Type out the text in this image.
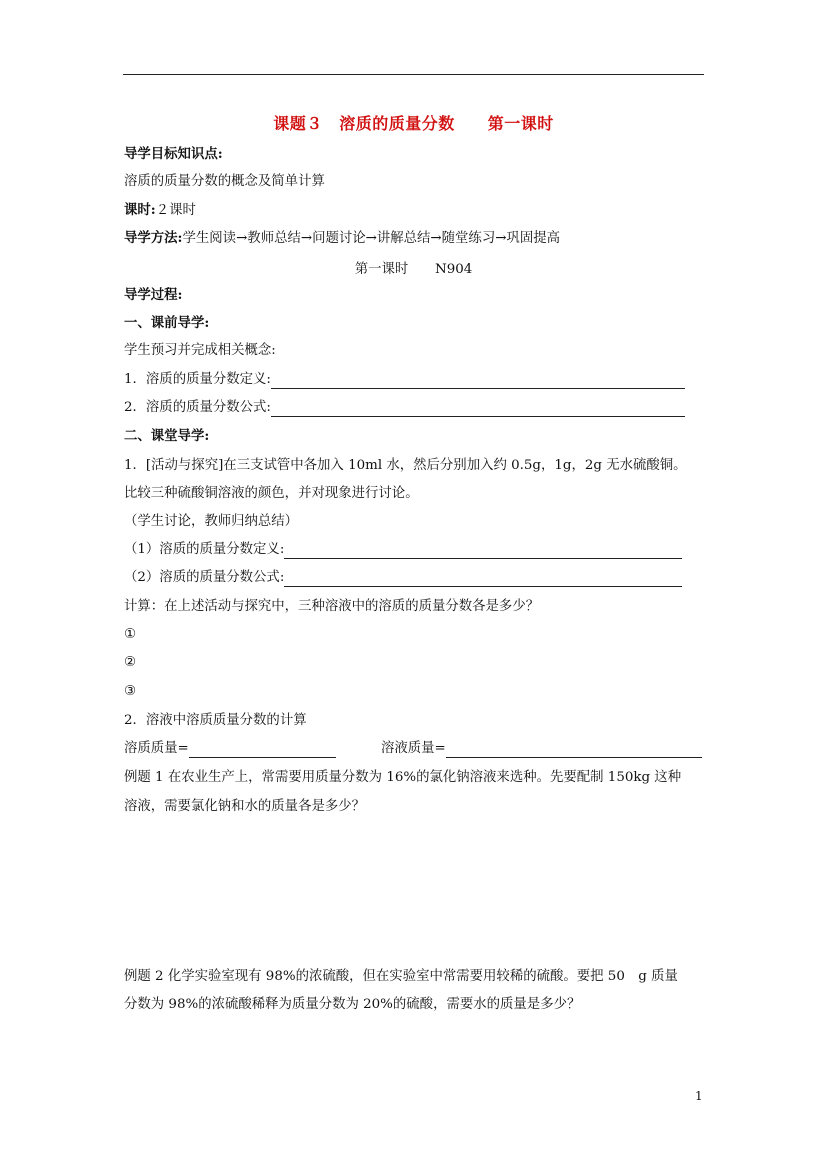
课题３　溶质的质量分数　　第一课时
导学目标知识点:
溶质的质量分数的概念及简单计算
课时:２课时
导学方法:学生阅读→教师总结→问题讨论→讲解总结→随堂练习→巩固提高
第一课时　　N904
导学过程:
一、课前导学:
学生预习并完成相关概念:
1．溶质的质量分数定义:
2．溶质的质量分数公式:
二、课堂导学:
1．[活动与探究]在三支试管中各加入 10ml 水，然后分别加入约 0.5g，1g，2g 无水硫酸铜。
比较三种硫酸铜溶液的颜色，并对现象进行讨论。
（学生讨论，教师归纳总结）
（1）溶质的质量分数定义:
（2）溶质的质量分数公式:
计算：在上述活动与探究中，三种溶液中的溶质的质量分数各是多少？
①
②
③
2．溶液中溶质质量分数的计算
溶质质量=	溶液质量=
例题 1 在农业生产上，常需要用质量分数为 16%的氯化钠溶液来选种。先要配制 150kg 这种
溶液，需要氯化钠和水的质量各是多少？
例题 2 化学实验室现有 98%的浓硫酸，但在实验室中常需要用较稀的硫酸。要把 50　g 质量
分数为 98%的浓硫酸稀释为质量分数为 20%的硫酸，需要水的质量是多少？
1
